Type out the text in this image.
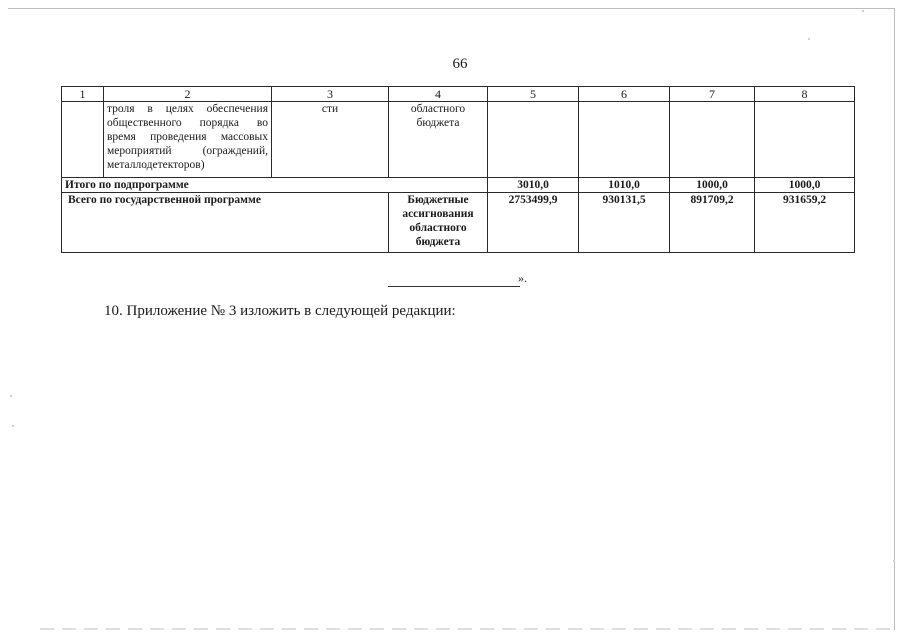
66
1	2	3	4	5	6	7	8
	троля в целях обеспечения общественного порядка во время проведения массовых мероприятий (ограждений, металлодетекторов)	сти	областного бюджета				
Итого по подпрограмме				3010,0	1010,0	1000,0	1000,0
Всего по государственной программе			Бюджетные ассигнования областного бюджета	2753499,9	930131,5	891709,2	931659,2
».
10. Приложение № 3 изложить в следующей редакции:
